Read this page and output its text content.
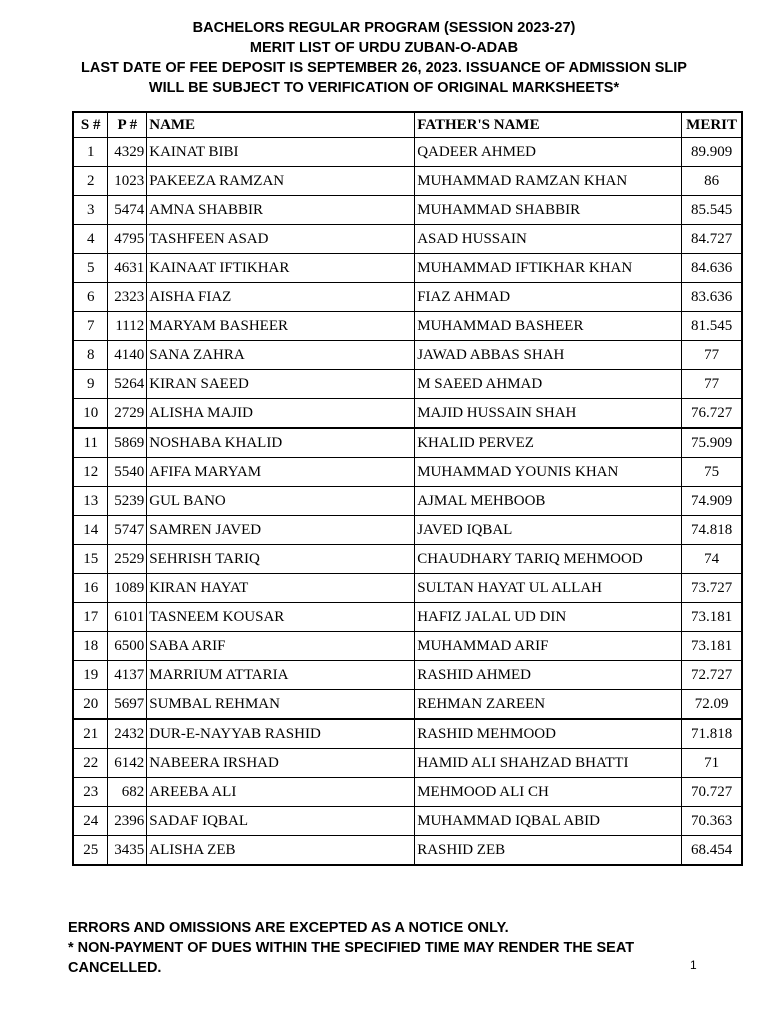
BACHELORS REGULAR PROGRAM (SESSION 2023-27)
MERIT LIST OF URDU ZUBAN-O-ADAB
LAST DATE OF FEE DEPOSIT IS SEPTEMBER 26, 2023. ISSUANCE OF ADMISSION SLIP
WILL BE SUBJECT TO VERIFICATION OF ORIGINAL MARKSHEETS*
S #	P #	NAME	FATHER'S NAME	MERIT
1	4329	KAINAT BIBI	QADEER AHMED	89.909
2	1023	PAKEEZA RAMZAN	MUHAMMAD RAMZAN KHAN	86
3	5474	AMNA SHABBIR	MUHAMMAD SHABBIR	85.545
4	4795	TASHFEEN ASAD	ASAD HUSSAIN	84.727
5	4631	KAINAAT IFTIKHAR	MUHAMMAD IFTIKHAR KHAN	84.636
6	2323	AISHA FIAZ	FIAZ AHMAD	83.636
7	1112	MARYAM BASHEER	MUHAMMAD BASHEER	81.545
8	4140	SANA ZAHRA	JAWAD ABBAS SHAH	77
9	5264	KIRAN SAEED	M SAEED AHMAD	77
10	2729	ALISHA MAJID	MAJID HUSSAIN SHAH	76.727
11	5869	NOSHABA KHALID	KHALID PERVEZ	75.909
12	5540	AFIFA MARYAM	MUHAMMAD YOUNIS KHAN	75
13	5239	GUL BANO	AJMAL MEHBOOB	74.909
14	5747	SAMREN JAVED	JAVED IQBAL	74.818
15	2529	SEHRISH TARIQ	CHAUDHARY TARIQ MEHMOOD	74
16	1089	KIRAN HAYAT	SULTAN HAYAT UL ALLAH	73.727
17	6101	TASNEEM KOUSAR	HAFIZ JALAL UD DIN	73.181
18	6500	SABA ARIF	MUHAMMAD ARIF	73.181
19	4137	MARRIUM ATTARIA	RASHID AHMED	72.727
20	5697	SUMBAL REHMAN	REHMAN ZAREEN	72.09
21	2432	DUR-E-NAYYAB RASHID	RASHID MEHMOOD	71.818
22	6142	NABEERA IRSHAD	HAMID ALI SHAHZAD BHATTI	71
23	682	AREEBA ALI	MEHMOOD ALI CH	70.727
24	2396	SADAF IQBAL	MUHAMMAD IQBAL ABID	70.363
25	3435	ALISHA ZEB	RASHID ZEB	68.454
ERRORS AND OMISSIONS ARE EXCEPTED AS A NOTICE ONLY.
* NON-PAYMENT OF DUES WITHIN THE SPECIFIED TIME MAY RENDER THE SEAT
CANCELLED.	1
